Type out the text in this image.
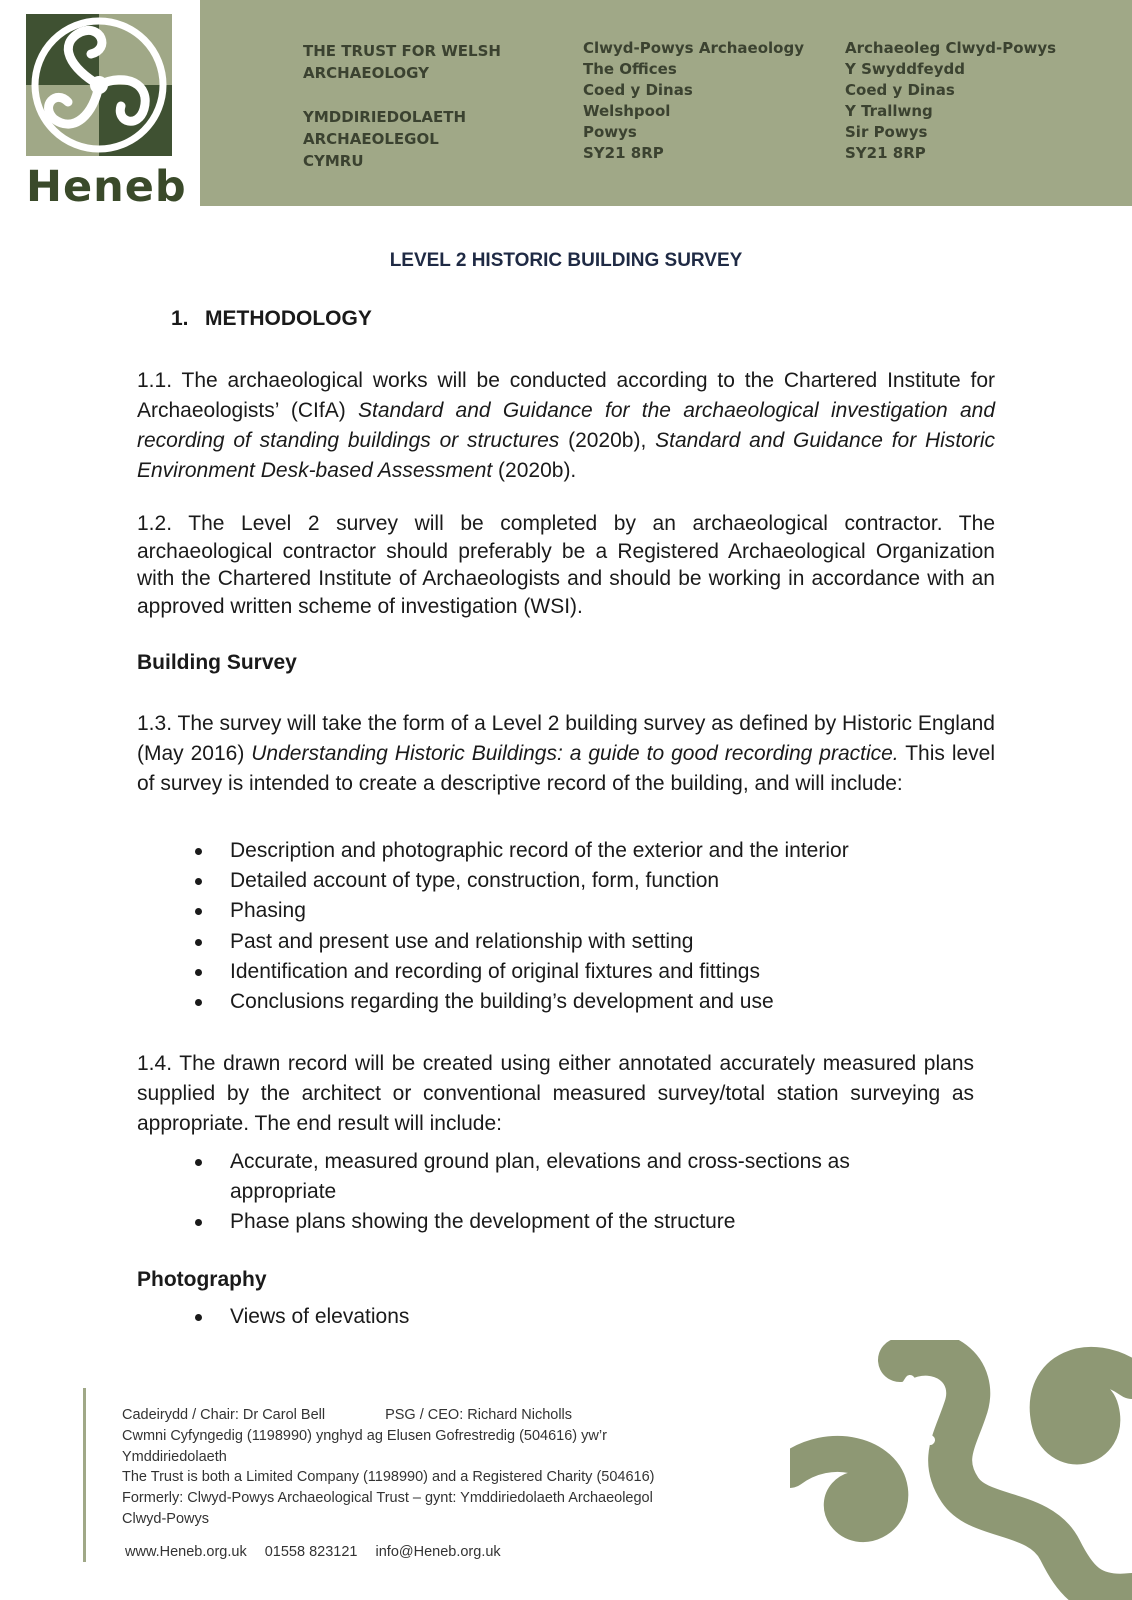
Heneb
THE TRUST FOR WELSH
ARCHAEOLOGY
YMDDIRIEDOLAETH
ARCHAEOLEGOL
CYMRU
Clwyd-Powys Archaeology
The Offices
Coed y Dinas
Welshpool
Powys
SY21 8RP
Archaeoleg Clwyd-Powys
Y Swyddfeydd
Coed y Dinas
Y Trallwng
Sir Powys
SY21 8RP
LEVEL 2 HISTORIC BUILDING SURVEY
1. METHODOLOGY
1.1. The archaeological works will be conducted according to the Chartered Institute for Archaeologists’ (CIfA) Standard and Guidance for the archaeological investigation and recording of standing buildings or structures (2020b), Standard and Guidance for Historic Environment Desk-based Assessment (2020b).
1.2. The Level 2 survey will be completed by an archaeological contractor. The archaeological contractor should preferably be a Registered Archaeological Organization with the Chartered Institute of Archaeologists and should be working in accordance with an approved written scheme of investigation (WSI).
Building Survey
1.3. The survey will take the form of a Level 2 building survey as defined by Historic England (May 2016) Understanding Historic Buildings: a guide to good recording practice. This level of survey is intended to create a descriptive record of the building, and will include:
Description and photographic record of the exterior and the interior
Detailed account of type, construction, form, function
Phasing
Past and present use and relationship with setting
Identification and recording of original fixtures and fittings
Conclusions regarding the building’s development and use
1.4. The drawn record will be created using either annotated accurately measured plans supplied by the architect or conventional measured survey/total station surveying as appropriate. The end result will include:
Accurate, measured ground plan, elevations and cross-sections as appropriate
Phase plans showing the development of the structure
Photography
Views of elevations
Cadeirydd / Chair: Dr Carol Bell	PSG / CEO: Richard Nicholls
Cwmni Cyfyngedig (1198990) ynghyd ag Elusen Gofrestredig (504616) yw’r
Ymddiriedolaeth
The Trust is both a Limited Company (1198990) and a Registered Charity (504616)
Formerly: Clwyd-Powys Archaeological Trust – gynt: Ymddiriedolaeth Archaeolegol
Clwyd-Powys
www.Heneb.org.uk 01558 823121 info@Heneb.org.uk
